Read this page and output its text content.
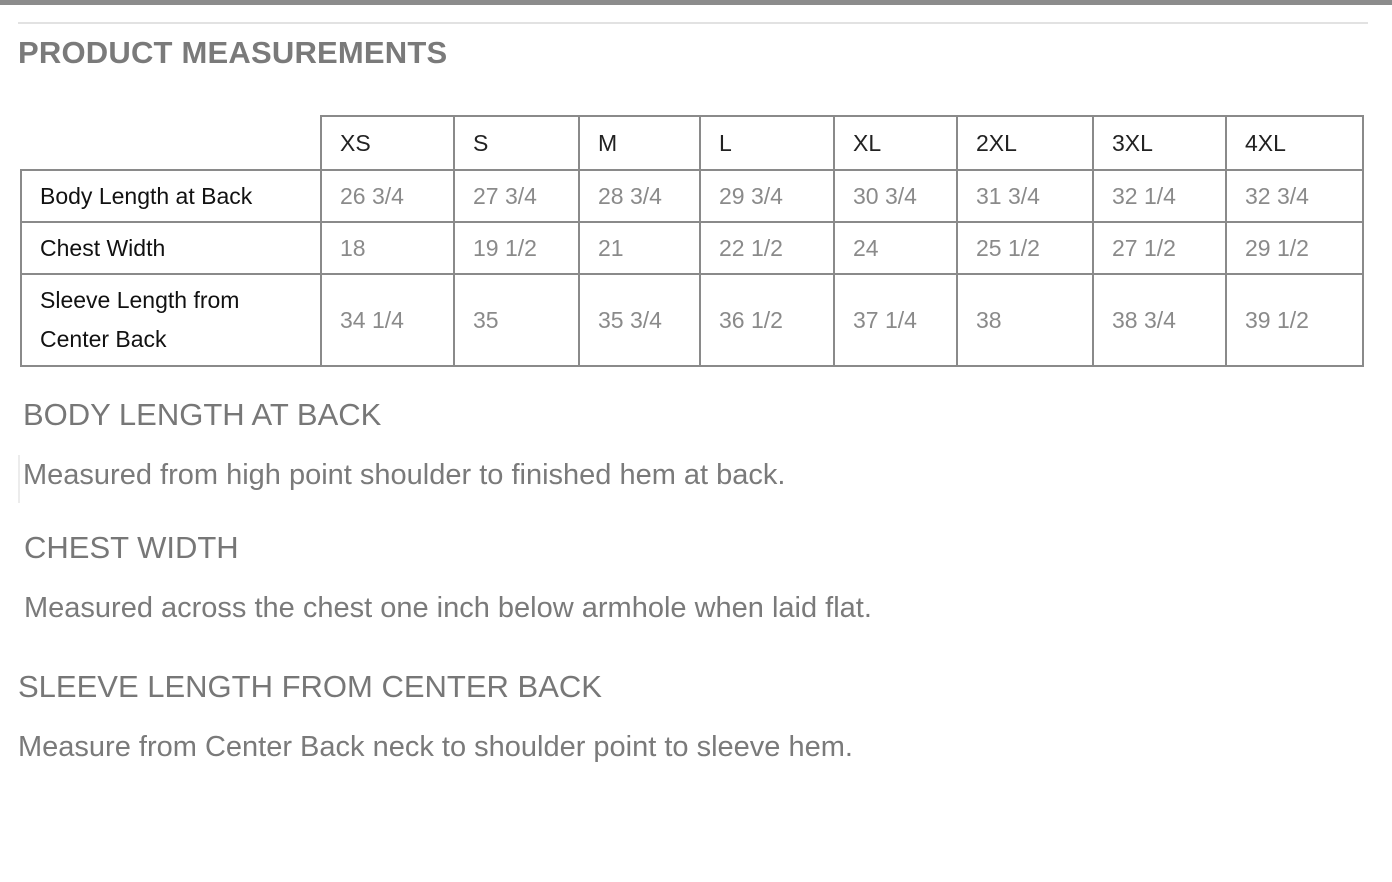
PRODUCT MEASUREMENTS
	XS	S	M	L	XL	2XL	3XL	4XL
Body Length at Back	26 3/4	27 3/4	28 3/4	29 3/4	30 3/4	31 3/4	32 1/4	32 3/4
Chest Width	18	19 1/2	21	22 1/2	24	25 1/2	27 1/2	29 1/2
Sleeve Length from
Center Back	34 1/4	35	35 3/4	36 1/2	37 1/4	38	38 3/4	39 1/2
BODY LENGTH AT BACK

Measured from high point shoulder to finished hem at back.

CHEST WIDTH

Measured across the chest one inch below armhole when laid flat.

SLEEVE LENGTH FROM CENTER BACK

Measure from Center Back neck to shoulder point to sleeve hem.
